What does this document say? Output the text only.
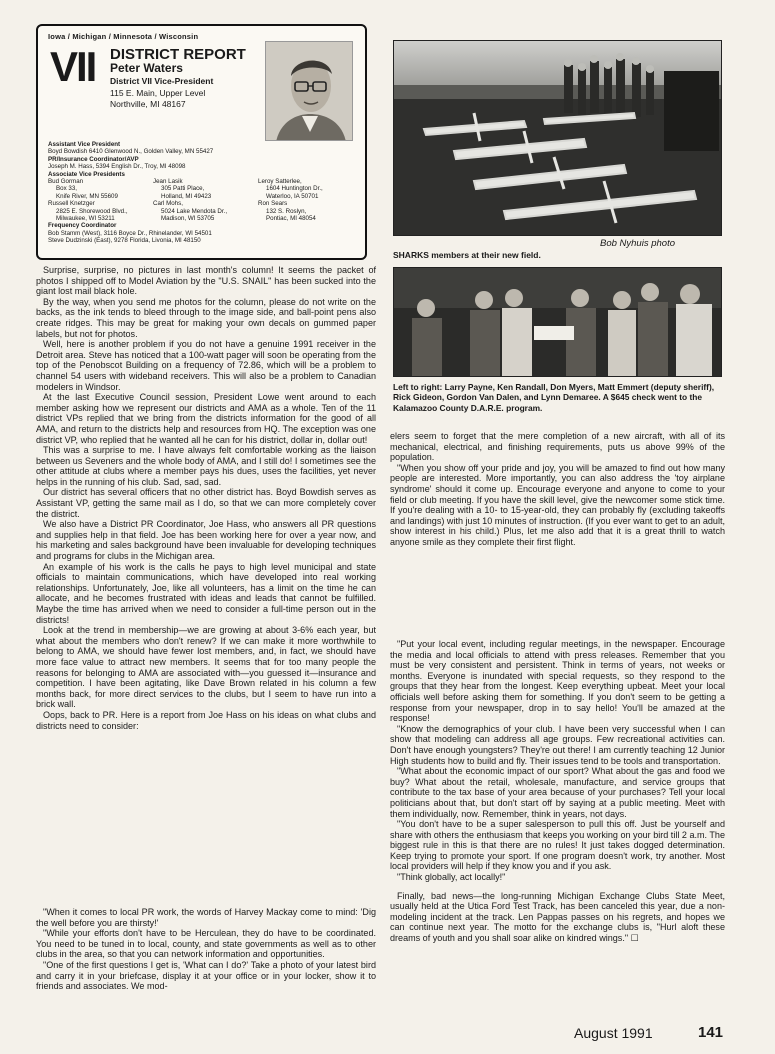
Iowa / Michigan / Minnesota / Wisconsin
VII DISTRICT REPORT
Peter Waters
District VII Vice-President
115 E. Main, Upper Level
Northville, MI 48167
Assistant Vice President
Boyd Bowdish 6410 Glenwood N., Golden Valley, MN 55427
PR/Insurance Coordinator/AVP
Joseph M. Hass, 5394 English Dr., Troy, MI 48098
Associate Vice Presidents
Bud Gorman
Box 33,
Knife River, MN 55609
Russell Knetzger
2825 E. Shorewood Blvd.,
Milwaukee, WI 53211
Jean Lasik
305 Patti Place,
Holland, MI 49423
Carl Mohs,
5024 Lake Mendota Dr.,
Madison, WI 53705
Leroy Satterlee,
1604 Huntington Dr.,
Waterloo, IA 50701
Ron Sears
132 S. Roslyn,
Pontiac, MI 48054
Frequency Coordinator
Bob Stamm (West), 3116 Boyce Dr., Rhinelander, WI 54501
Steve Dudzinski (East), 9278 Florida, Livonia, MI 48150	Bob Nyhuis photo
SHARKS members at their new field.
Left to right: Larry Payne, Ken Randall, Don Myers, Matt Emmert (deputy sheriff), Rick Gideon, Gordon Van Dalen, and Lynn Demaree. A $645 check went to the Kalamazoo County D.A.R.E. program.

Surprise, surprise, no pictures in last month's column! It seems the packet of photos I shipped off to Model Aviation by the "U.S. SNAIL" has been sucked into the giant lost mail black hole.

By the way, when you send me photos for the column, please do not write on the backs, as the ink tends to bleed through to the image side, and ball-point pens also create ridges. This may be great for making your own decals on gummed paper labels, but not for photos.

Well, here is another problem if you do not have a genuine 1991 receiver in the Detroit area. Steve has noticed that a 100-watt pager will soon be operating from the top of the Penobscot Building on a frequency of 72.86, which will be a problem to channel 54 users with wideband receivers. This will also be a problem to Canadian modelers in Windsor.

At the last Executive Council session, President Lowe went around to each member asking how we represent our districts and AMA as a whole. Ten of the 11 district VPs replied that we bring from the districts information for the good of all AMA, and return to the districts help and resources from HQ. The exception was one district VP, who replied that he wanted all he can for his district, dollar in, dollar out!

This was a surprise to me. I have always felt comfortable working as the liaison between us Seveners and the whole body of AMA, and I still do! I sometimes see the other attitude at clubs where a member pays his dues, uses the facilities, yet never helps in the running of his club. Sad, sad, sad.

Our district has several officers that no other district has. Boyd Bowdish serves as Assistant VP, getting the same mail as I do, so that we can more completely cover the district.

We also have a District PR Coordinator, Joe Hass, who answers all PR questions and supplies help in that field. Joe has been working here for over a year now, and his marketing and sales background have been invaluable for developing techniques and programs for clubs in the Michigan area.

An example of his work is the calls he pays to high level municipal and state officials to maintain communications, which have developed into real working relationships. Unfortunately, Joe, like all volunteers, has a limit on the time he can allocate, and he becomes frustrated with ideas and leads that cannot be fulfilled. Maybe the time has arrived when we need to consider a full-time person out in the districts!

Look at the trend in membership—we are growing at about 3-6% each year, but what about the members who don't renew? If we can make it more worthwhile to belong to AMA, we should have fewer lost members, and, in fact, we should have more face value to attract new members. It seems that for too many people the reasons for belonging to AMA are associated with—you guessed it—insurance and competition. I have been agitating, like Dave Brown related in his column a few months back, for more direct services to the clubs, but I seem to have run into a brick wall.

Oops, back to PR. Here is a report from Joe Hass on his ideas on what clubs and districts need to consider:

"When it comes to local PR work, the words of Harvey Mackay come to mind: 'Dig the well before you are thirsty!'

"While your efforts don't have to be Herculean, they do have to be coordinated. You need to be tuned in to local, county, and state governments as well as to other clubs in the area, so that you can network information and opportunities.

"One of the first questions I get is, 'What can I do?' Take a photo of your latest bird and carry it in your briefcase, display it at your office or in your locker, show it to friends and associates. We mod-

elers seem to forget that the mere completion of a new aircraft, with all of its mechanical, electrical, and finishing requirements, puts us above 99% of the population.

"When you show off your pride and joy, you will be amazed to find out how many people are interested. More importantly, you can also address the 'toy airplane syndrome' should it come up. Encourage everyone and anyone to come to your field or club meeting. If you have the skill level, give the newcomer some stick time. If you're dealing with a 10- to 15-year-old, they can probably fly (excluding takeoffs and landings) with just 10 minutes of instruction. (If you ever want to get to an adult, show interest in his child.) Plus, let me also add that it is a great thrill to watch anyone smile as they complete their first flight.

"Put your local event, including regular meetings, in the newspaper. Encourage the media and local officials to attend with press releases. Remember that you must be very consistent and persistent. Think in terms of years, not weeks or months. Everyone is inundated with special requests, so they respond to the groups that they hear from the longest. Keep everything upbeat. Meet your local officials well before asking them for something. If you don't seem to be getting a response from your newspaper, drop in to say hello! You'll be amazed at the response!

"Know the demographics of your club. I have been very successful when I can show that modeling can address all age groups. Few recreational activities can. Don't have enough youngsters? They're out there! I am currently teaching 12 Junior High students how to build and fly. Their issues tend to be tools and transportation.

"What about the economic impact of our sport? What about the gas and food we buy? What about the retail, wholesale, manufacture, and service groups that contribute to the tax base of your area because of your purchases? Tell your local politicians about that, but don't start off by saying at a public meeting. Meet with them individually, now. Remember, think in years, not days.

"You don't have to be a super salesperson to pull this off. Just be yourself and share with others the enthusiasm that keeps you working on your bird till 2 a.m. The biggest rule in this is that there are no rules! It just takes dogged determination. Keep trying to promote your sport. If one program doesn't work, try another. Most local providers will help if they know you and if you ask.

"Think globally, act locally!"

Finally, bad news—the long-running Michigan Exchange Clubs State Meet, usually held at the Utica Ford Test Track, has been canceled this year, due a non-modeling incident at the track. Len Pappas passes on his regrets, and hopes we can continue next year. The motto for the exchange clubs is, "Hurl aloft these dreams of youth and you shall soar alike on kindred wings." ☐

August 1991	141
